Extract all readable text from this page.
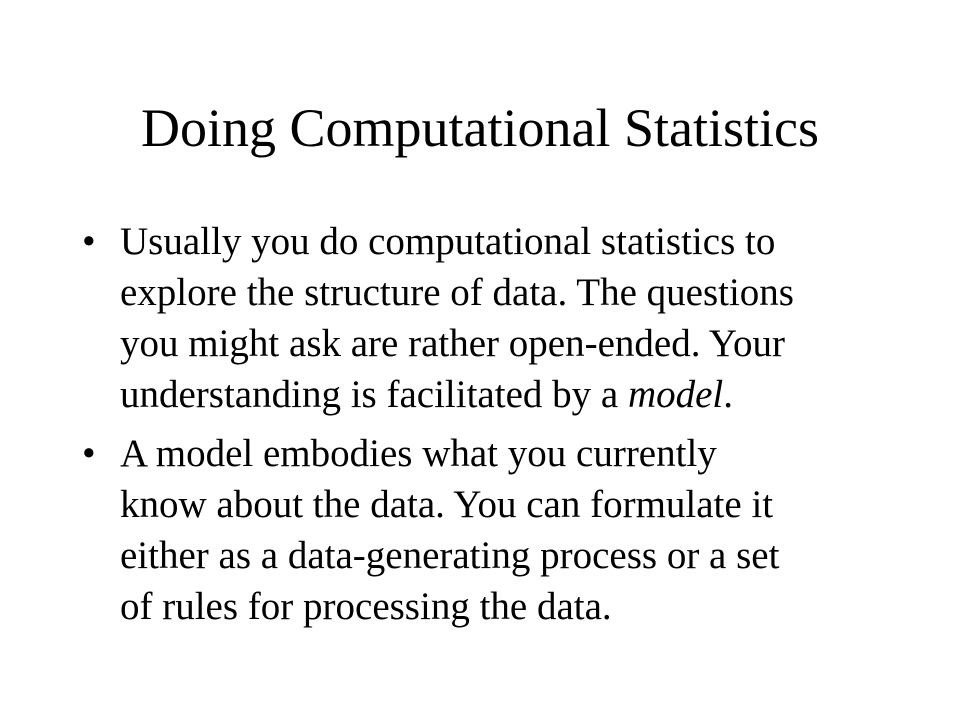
Doing Computational Statistics
• Usually you do computational statistics to
explore the structure of data. The questions
you might ask are rather open-ended. Your
understanding is facilitated by a model.
• A model embodies what you currently
know about the data. You can formulate it
either as a data-generating process or a set
of rules for processing the data.
